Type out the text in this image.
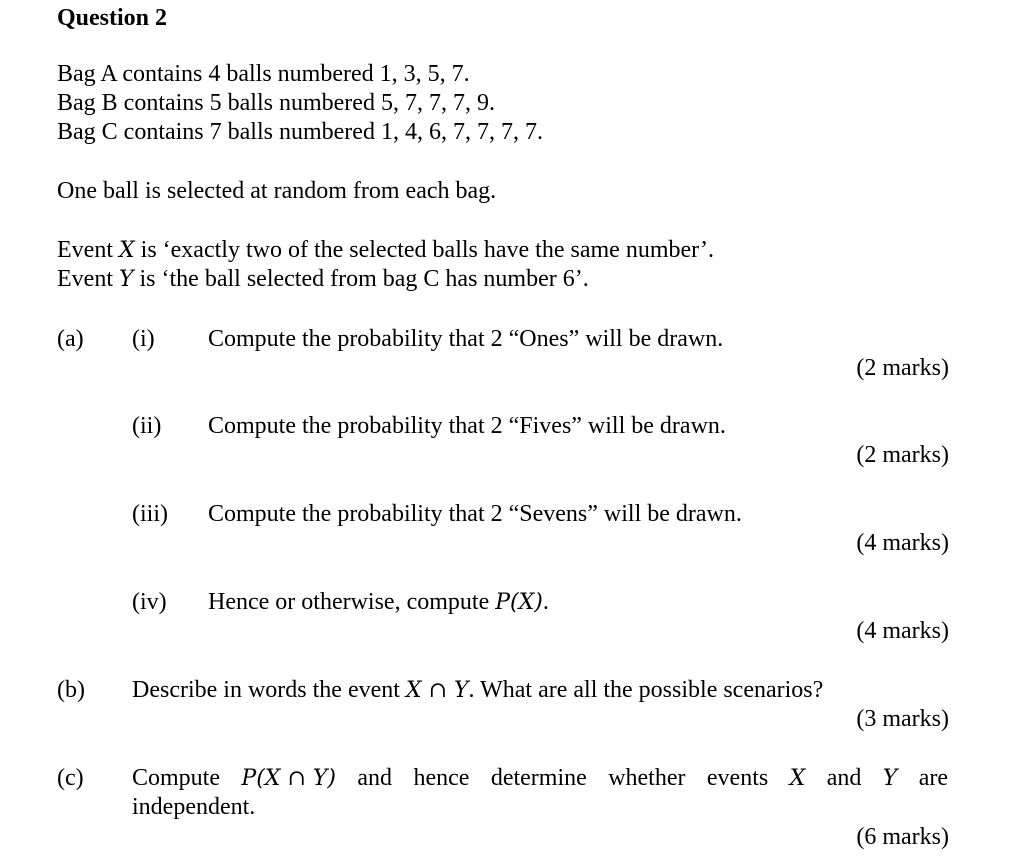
Question 2
Bag A contains 4 balls numbered 1, 3, 5, 7.
Bag B contains 5 balls numbered 5, 7, 7, 7, 9.
Bag C contains 7 balls numbered 1, 4, 6, 7, 7, 7, 7.
One ball is selected at random from each bag.
Event X is ‘exactly two of the selected balls have the same number’.
Event Y is ‘the ball selected from bag C has number 6’.
(a) (i) Compute the probability that 2 “Ones” will be drawn.
(2 marks)
(ii) Compute the probability that 2 “Fives” will be drawn.
(2 marks)
(iii) Compute the probability that 2 “Sevens” will be drawn.
(4 marks)
(iv) Hence or otherwise, compute P(X).
(4 marks)
(b) Describe in words the event X ∩ Y. What are all the possible scenarios?
(3 marks)
(c) Compute P(X ∩ Y) and hence determine whether events X and Y are
independent.
(6 marks)
